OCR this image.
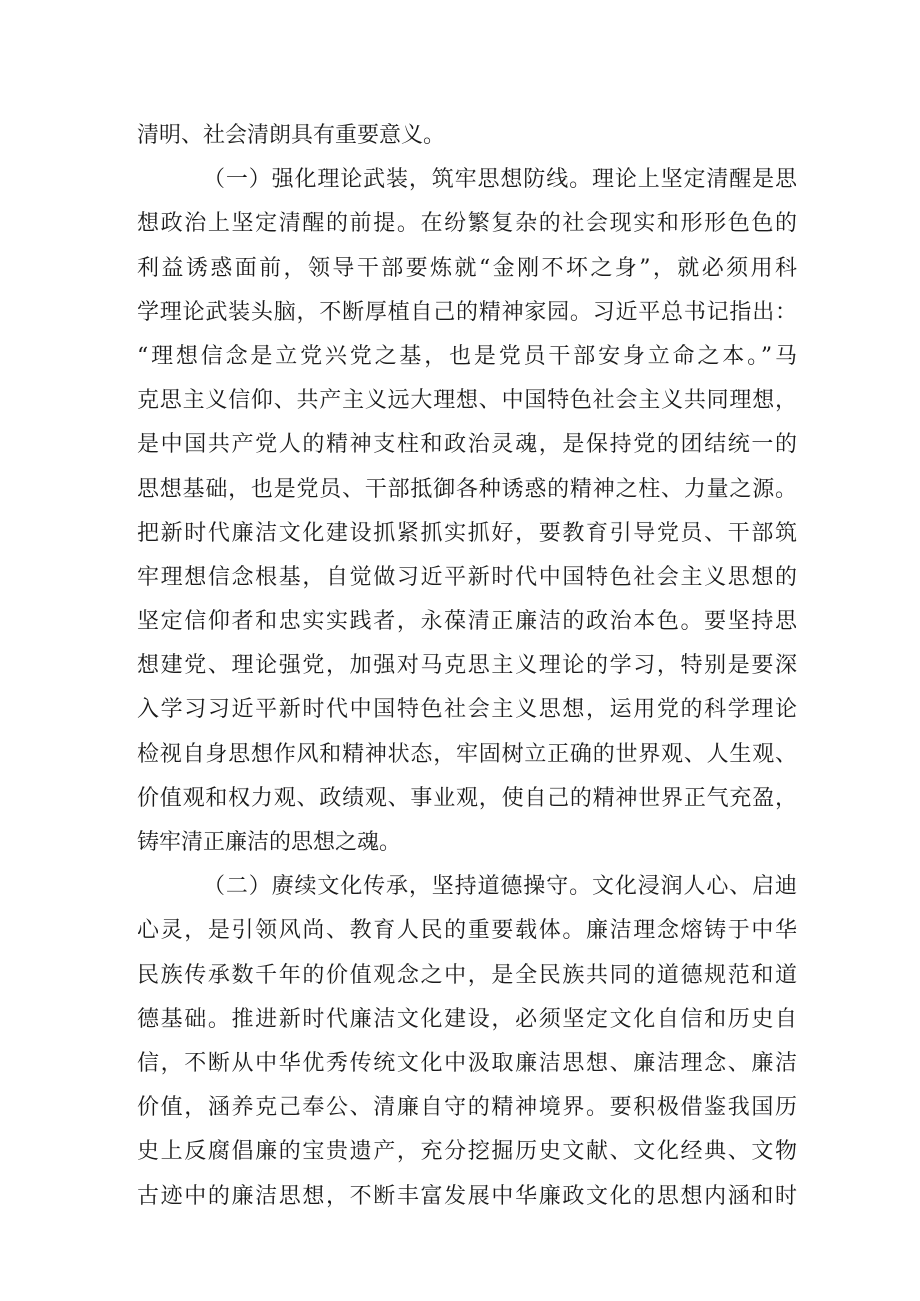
清明、社会清朗具有重要意义。
（一）强化理论武装，筑牢思想防线。理论上坚定清醒是思
想政治上坚定清醒的前提。在纷繁复杂的社会现实和形形色色的
利益诱惑面前，领导干部要炼就“金刚不坏之身”，就必须用科
学理论武装头脑，不断厚植自己的精神家园。习近平总书记指出：
“理想信念是立党兴党之基，也是党员干部安身立命之本。”马
克思主义信仰、共产主义远大理想、中国特色社会主义共同理想，
是中国共产党人的精神支柱和政治灵魂，是保持党的团结统一的
思想基础，也是党员、干部抵御各种诱惑的精神之柱、力量之源。
把新时代廉洁文化建设抓紧抓实抓好，要教育引导党员、干部筑
牢理想信念根基，自觉做习近平新时代中国特色社会主义思想的
坚定信仰者和忠实实践者，永葆清正廉洁的政治本色。要坚持思
想建党、理论强党，加强对马克思主义理论的学习，特别是要深
入学习习近平新时代中国特色社会主义思想，运用党的科学理论
检视自身思想作风和精神状态，牢固树立正确的世界观、人生观、
价值观和权力观、政绩观、事业观，使自己的精神世界正气充盈，
铸牢清正廉洁的思想之魂。
（二）赓续文化传承，坚持道德操守。文化浸润人心、启迪
心灵，是引领风尚、教育人民的重要载体。廉洁理念熔铸于中华
民族传承数千年的价值观念之中，是全民族共同的道德规范和道
德基础。推进新时代廉洁文化建设，必须坚定文化自信和历史自
信，不断从中华优秀传统文化中汲取廉洁思想、廉洁理念、廉洁
价值，涵养克己奉公、清廉自守的精神境界。要积极借鉴我国历
史上反腐倡廉的宝贵遗产，充分挖掘历史文献、文化经典、文物
古迹中的廉洁思想，不断丰富发展中华廉政文化的思想内涵和时
